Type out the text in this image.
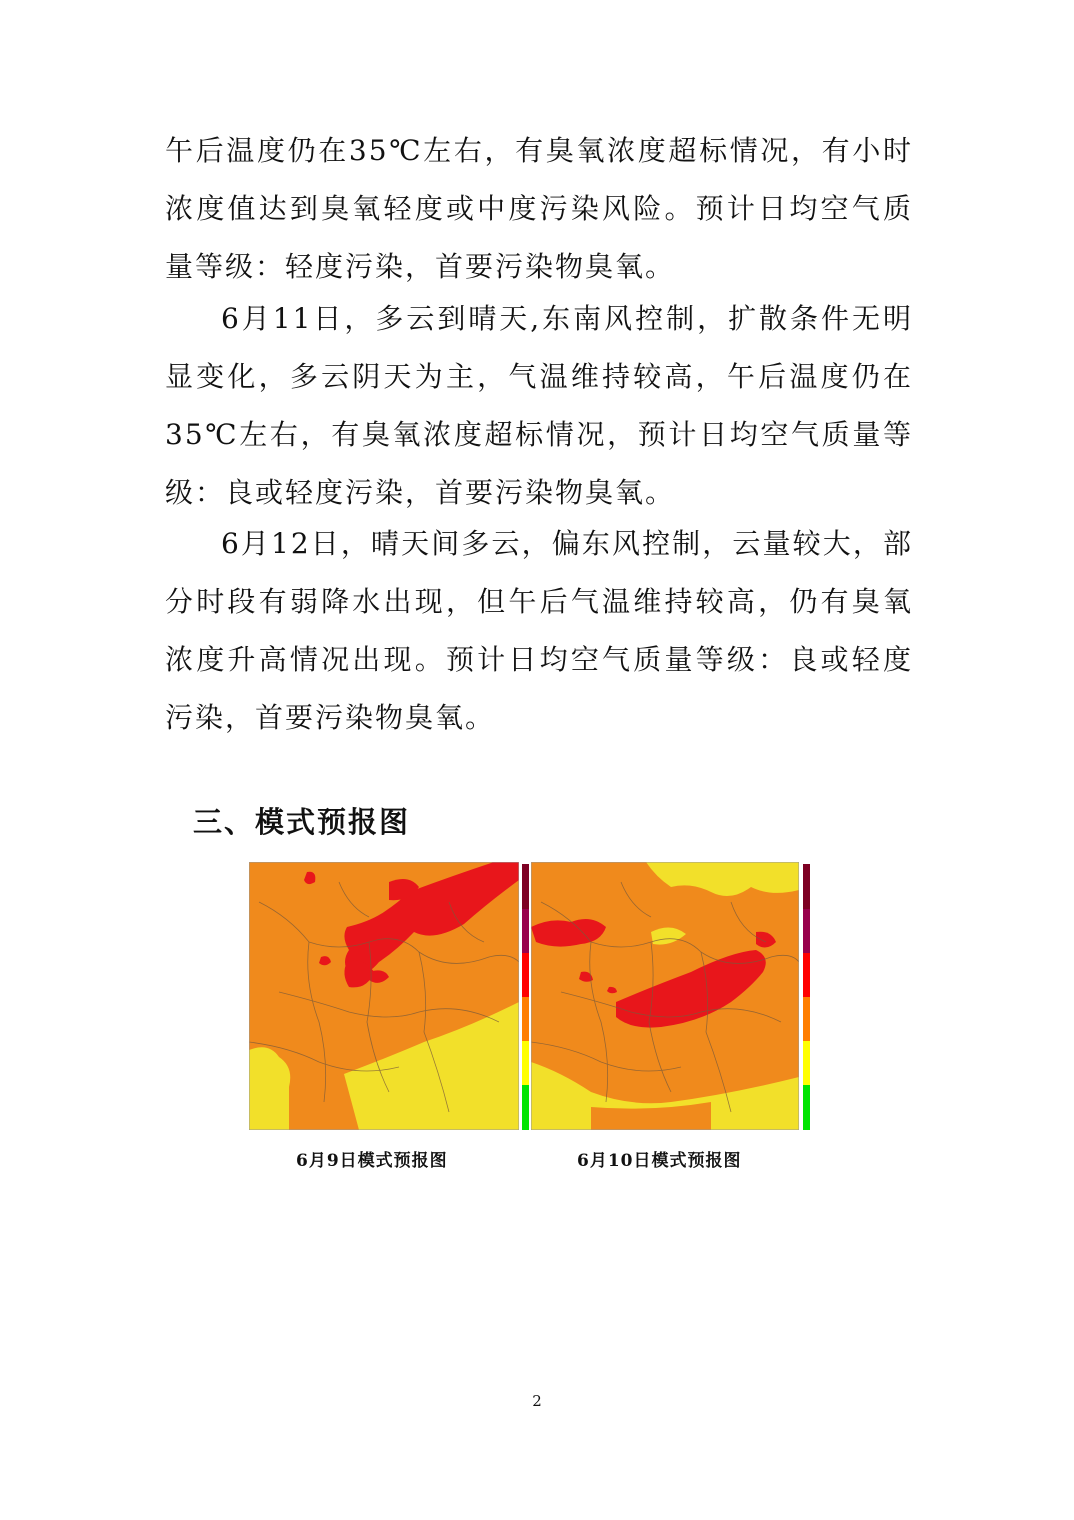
午后温度仍在35℃左右，有臭氧浓度超标情况，有小时浓度值达到臭氧轻度或中度污染风险。预计日均空气质量等级：轻度污染，首要污染物臭氧。

6月11日，多云到晴天,东南风控制，扩散条件无明显变化，多云阴天为主，气温维持较高，午后温度仍在35℃左右，有臭氧浓度超标情况，预计日均空气质量等级：良或轻度污染，首要污染物臭氧。

6月12日，晴天间多云，偏东风控制，云量较大，部分时段有弱降水出现，但午后气温维持较高，仍有臭氧浓度升高情况出现。预计日均空气质量等级：良或轻度污染，首要污染物臭氧。

三、模式预报图

6月9日模式预报图	6月10日模式预报图

2
